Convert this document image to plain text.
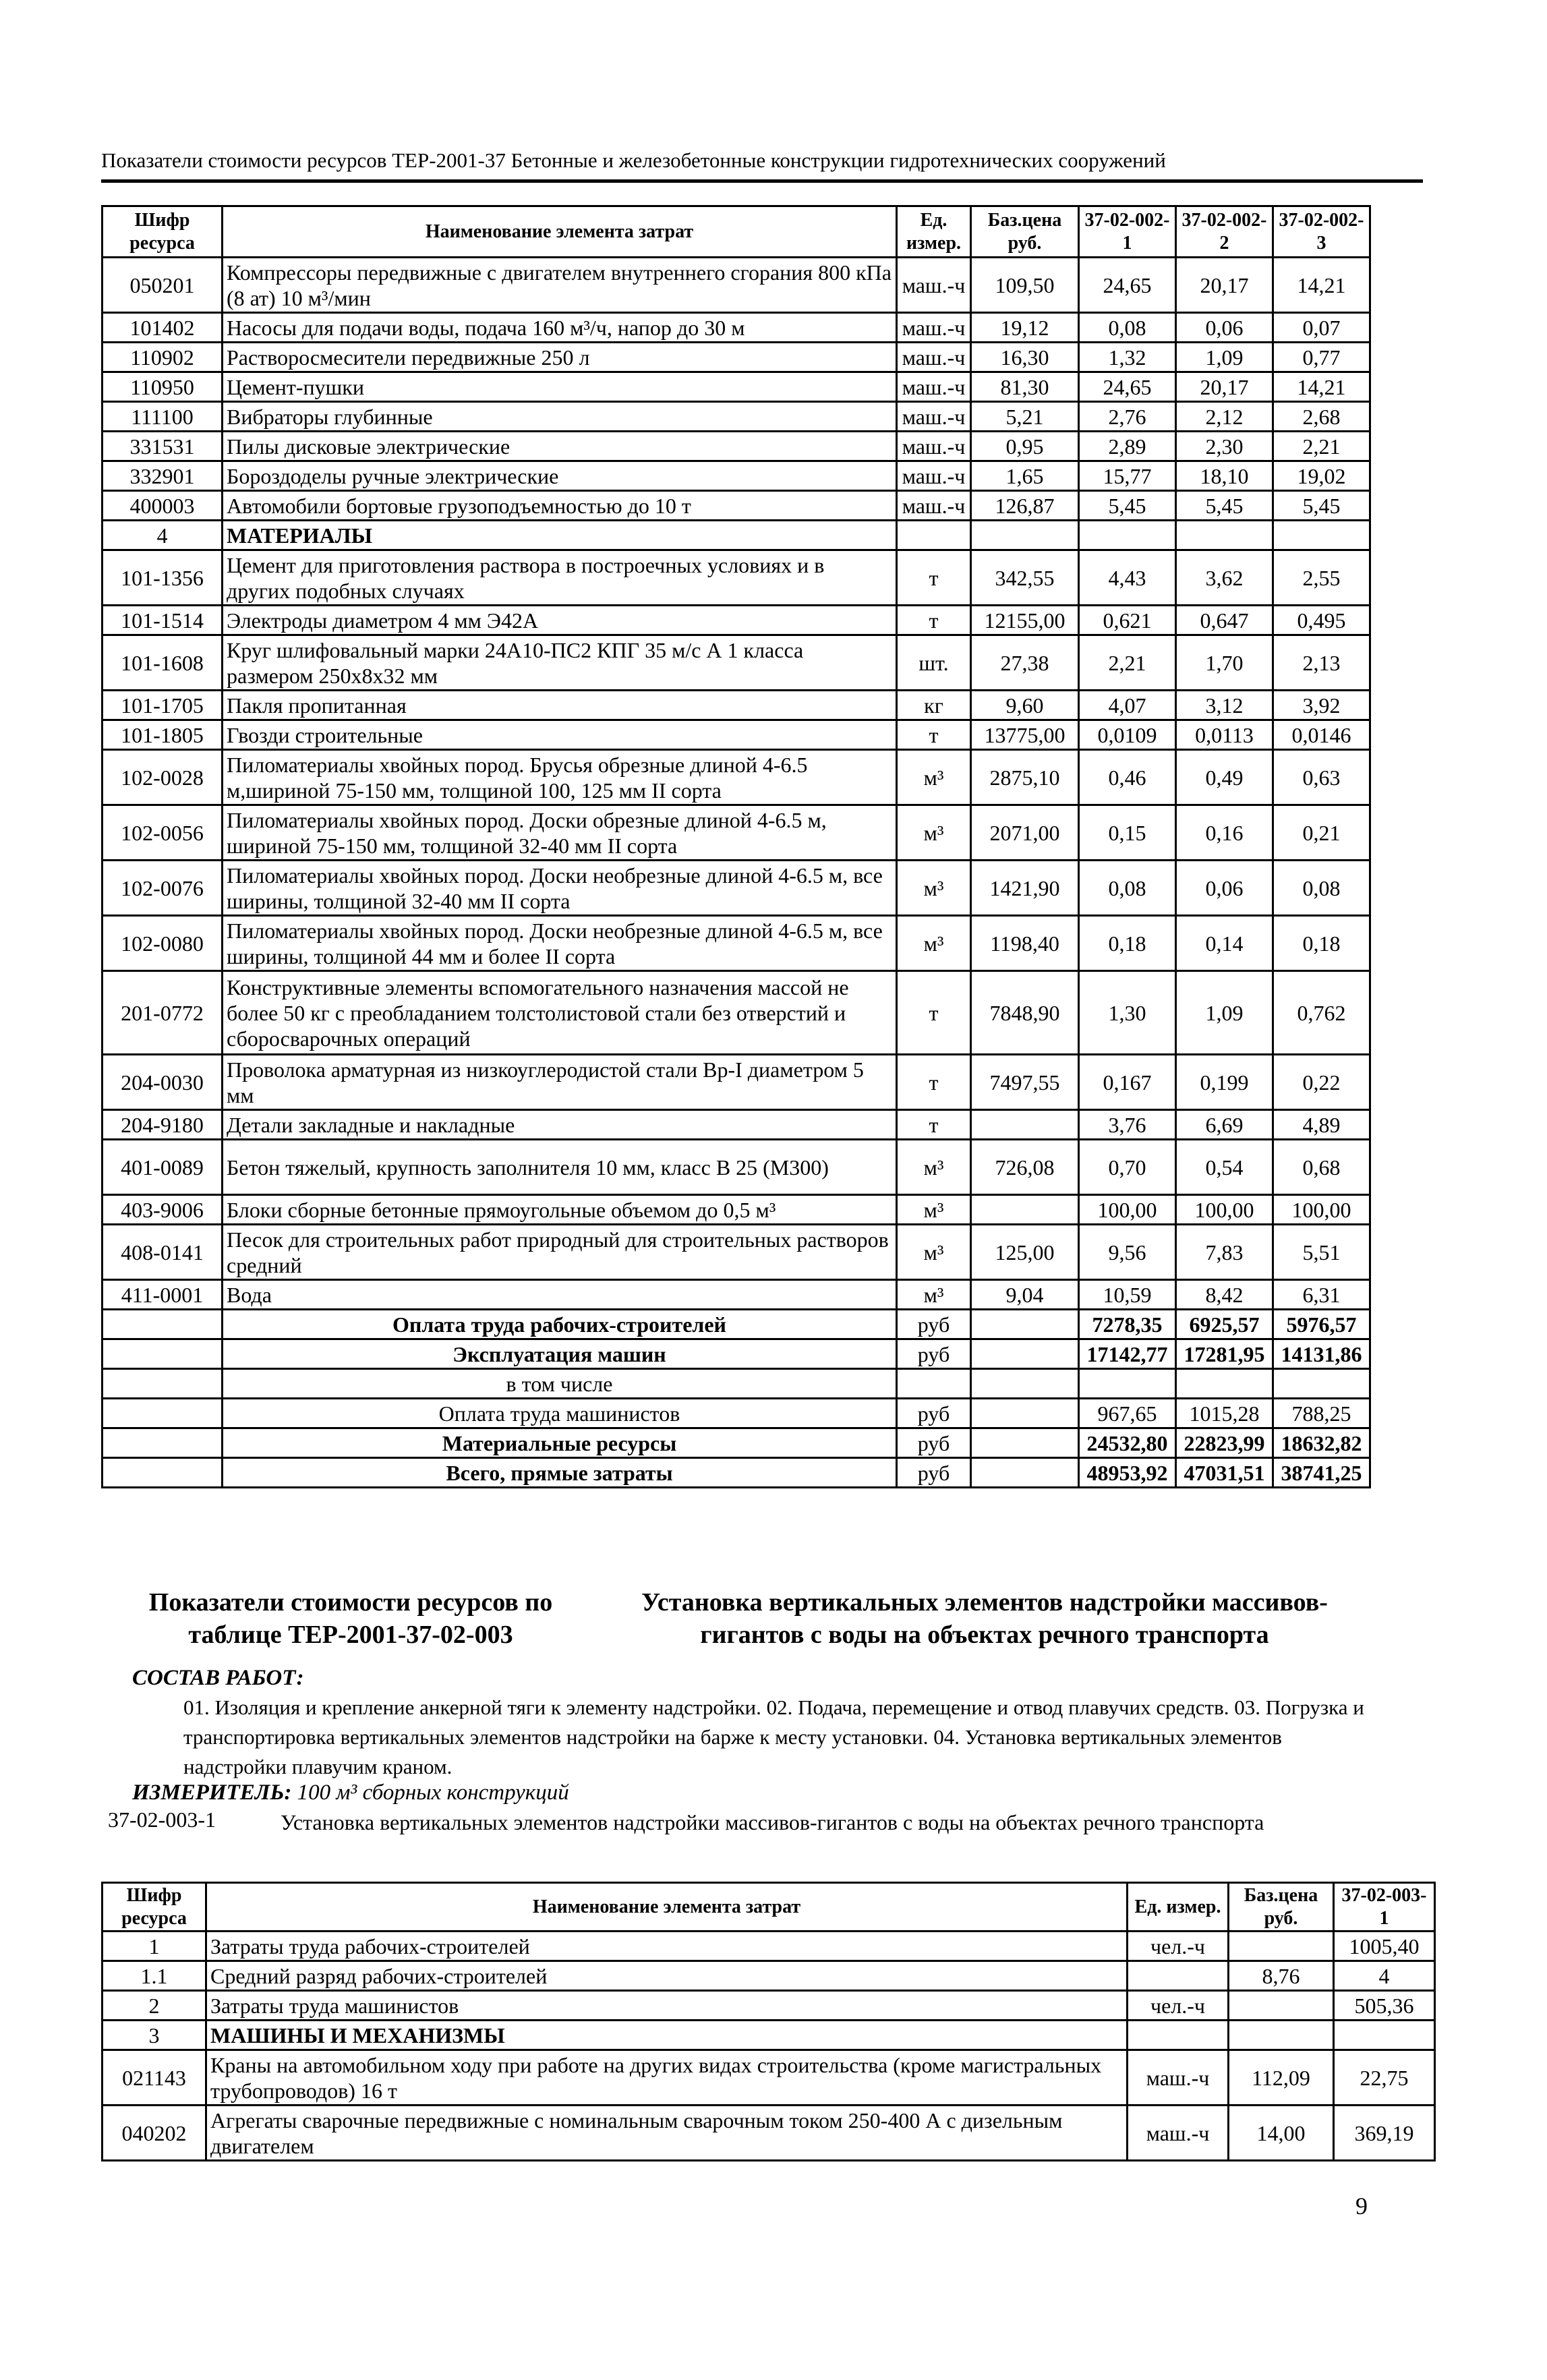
Показатели стоимости ресурсов ТЕР-2001-37 Бетонные и железобетонные конструкции гидротехнических сооружений
Шифр ресурса	Наименование элемента затрат	Ед. измер.	Баз.цена руб.	37-02-002-1	37-02-002-2	37-02-002-3
050201	Компрессоры передвижные с двигателем внутреннего сгорания 800 кПа (8 ат) 10 м³/мин	маш.-ч	109,50	24,65	20,17	14,21
101402	Насосы для подачи воды, подача 160 м³/ч, напор до 30 м	маш.-ч	19,12	0,08	0,06	0,07
110902	Растворосмесители передвижные 250 л	маш.-ч	16,30	1,32	1,09	0,77
110950	Цемент-пушки	маш.-ч	81,30	24,65	20,17	14,21
111100	Вибраторы глубинные	маш.-ч	5,21	2,76	2,12	2,68
331531	Пилы дисковые электрические	маш.-ч	0,95	2,89	2,30	2,21
332901	Бороздоделы ручные электрические	маш.-ч	1,65	15,77	18,10	19,02
400003	Автомобили бортовые грузоподъемностью до 10 т	маш.-ч	126,87	5,45	5,45	5,45
4	МАТЕРИАЛЫ					
101-1356	Цемент для приготовления раствора в построечных условиях и в других подобных случаях	т	342,55	4,43	3,62	2,55
101-1514	Электроды диаметром 4 мм Э42А	т	12155,00	0,621	0,647	0,495
101-1608	Круг шлифовальный марки 24А10-ПС2 КПГ 35 м/с А 1 класса размером 250х8х32 мм	шт.	27,38	2,21	1,70	2,13
101-1705	Пакля пропитанная	кг	9,60	4,07	3,12	3,92
101-1805	Гвозди строительные	т	13775,00	0,0109	0,0113	0,0146
102-0028	Пиломатериалы хвойных пород. Брусья обрезные длиной 4-6.5 м,шириной 75-150 мм, толщиной 100, 125 мм II сорта	м³	2875,10	0,46	0,49	0,63
102-0056	Пиломатериалы хвойных пород. Доски обрезные длиной 4-6.5 м, шириной 75-150 мм, толщиной 32-40 мм II сорта	м³	2071,00	0,15	0,16	0,21
102-0076	Пиломатериалы хвойных пород. Доски необрезные длиной 4-6.5 м, все ширины, толщиной 32-40 мм II сорта	м³	1421,90	0,08	0,06	0,08
102-0080	Пиломатериалы хвойных пород. Доски необрезные длиной 4-6.5 м, все ширины, толщиной 44 мм и более II сорта	м³	1198,40	0,18	0,14	0,18
201-0772	Конструктивные элементы вспомогательного назначения массой не более 50 кг с преобладанием толстолистовой стали без отверстий и сборосварочных операций	т	7848,90	1,30	1,09	0,762
204-0030	Проволока арматурная из низкоуглеродистой стали Вр-I диаметром 5 мм	т	7497,55	0,167	0,199	0,22
204-9180	Детали закладные и накладные	т		3,76	6,69	4,89
401-0089	Бетон тяжелый, крупность заполнителя 10 мм, класс В 25 (М300)	м³	726,08	0,70	0,54	0,68
403-9006	Блоки сборные бетонные прямоугольные объемом до 0,5 м³	м³		100,00	100,00	100,00
408-0141	Песок для строительных работ природный для строительных растворов средний	м³	125,00	9,56	7,83	5,51
411-0001	Вода	м³	9,04	10,59	8,42	6,31
	Оплата труда рабочих-строителей	руб		7278,35	6925,57	5976,57
	Эксплуатация машин	руб		17142,77	17281,95	14131,86
	в том числе					
	Оплата труда машинистов	руб		967,65	1015,28	788,25
	Материальные ресурсы	руб		24532,80	22823,99	18632,82
	Всего, прямые затраты	руб		48953,92	47031,51	38741,25
Показатели стоимости ресурсов по таблице ТЕР-2001-37-02-003
Установка вертикальных элементов надстройки массивов-гигантов с воды на объектах речного транспорта
СОСТАВ РАБОТ:
01. Изоляция и крепление анкерной тяги к элементу надстройки. 02. Подача, перемещение и отвод плавучих средств. 03. Погрузка и транспортировка вертикальных элементов надстройки на барже к месту установки. 04. Установка вертикальных элементов надстройки плавучим краном.
ИЗМЕРИТЕЛЬ: 100 м³ сборных конструкций
37-02-003-1	Установка вертикальных элементов надстройки массивов-гигантов с воды на объектах речного транспорта
Шифр ресурса	Наименование элемента затрат	Ед. измер.	Баз.цена руб.	37-02-003-1
1	Затраты труда рабочих-строителей	чел.-ч		1005,40
1.1	Средний разряд рабочих-строителей		8,76	4
2	Затраты труда машинистов	чел.-ч		505,36
3	МАШИНЫ И МЕХАНИЗМЫ			
021143	Краны на автомобильном ходу при работе на других видах строительства (кроме магистральных трубопроводов) 16 т	маш.-ч	112,09	22,75
040202	Агрегаты сварочные передвижные с номинальным сварочным током 250-400 А с дизельным двигателем	маш.-ч	14,00	369,19
9
